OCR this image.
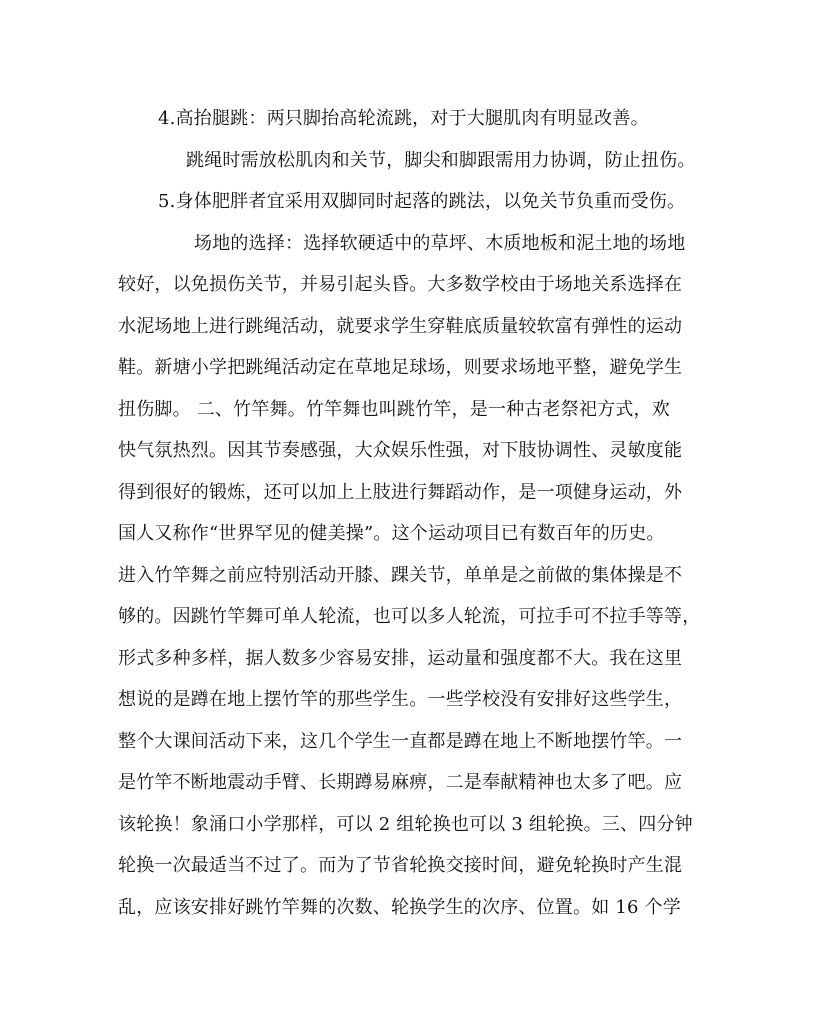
4.高抬腿跳：两只脚抬高轮流跳，对于大腿肌肉有明显改善。
跳绳时需放松肌肉和关节，脚尖和脚跟需用力协调，防止扭伤。
5.身体肥胖者宜采用双脚同时起落的跳法，以免关节负重而受伤。
场地的选择：选择软硬适中的草坪、木质地板和泥土地的场地
较好，以免损伤关节，并易引起头昏。大多数学校由于场地关系选择在
水泥场地上进行跳绳活动，就要求学生穿鞋底质量较软富有弹性的运动
鞋。新塘小学把跳绳活动定在草地足球场，则要求场地平整，避免学生
扭伤脚。 二、竹竿舞。竹竿舞也叫跳竹竿，是一种古老祭祀方式，欢
快气氛热烈。因其节奏感强，大众娱乐性强，对下肢协调性、灵敏度能
得到很好的锻炼，还可以加上上肢进行舞蹈动作，是一项健身运动，外
国人又称作“世界罕见的健美操”。这个运动项目已有数百年的历史。
进入竹竿舞之前应特别活动开膝、踝关节，单单是之前做的集体操是不
够的。因跳竹竿舞可单人轮流，也可以多人轮流，可拉手可不拉手等等，
形式多种多样，据人数多少容易安排，运动量和强度都不大。我在这里
想说的是蹲在地上摆竹竿的那些学生。一些学校没有安排好这些学生，
整个大课间活动下来，这几个学生一直都是蹲在地上不断地摆竹竿。一
是竹竿不断地震动手臂、长期蹲易麻痹，二是奉献精神也太多了吧。应
该轮换！象涌口小学那样，可以 2 组轮换也可以 3 组轮换。三、四分钟
轮换一次最适当不过了。而为了节省轮换交接时间，避免轮换时产生混
乱，应该安排好跳竹竿舞的次数、轮换学生的次序、位置。如 16 个学
